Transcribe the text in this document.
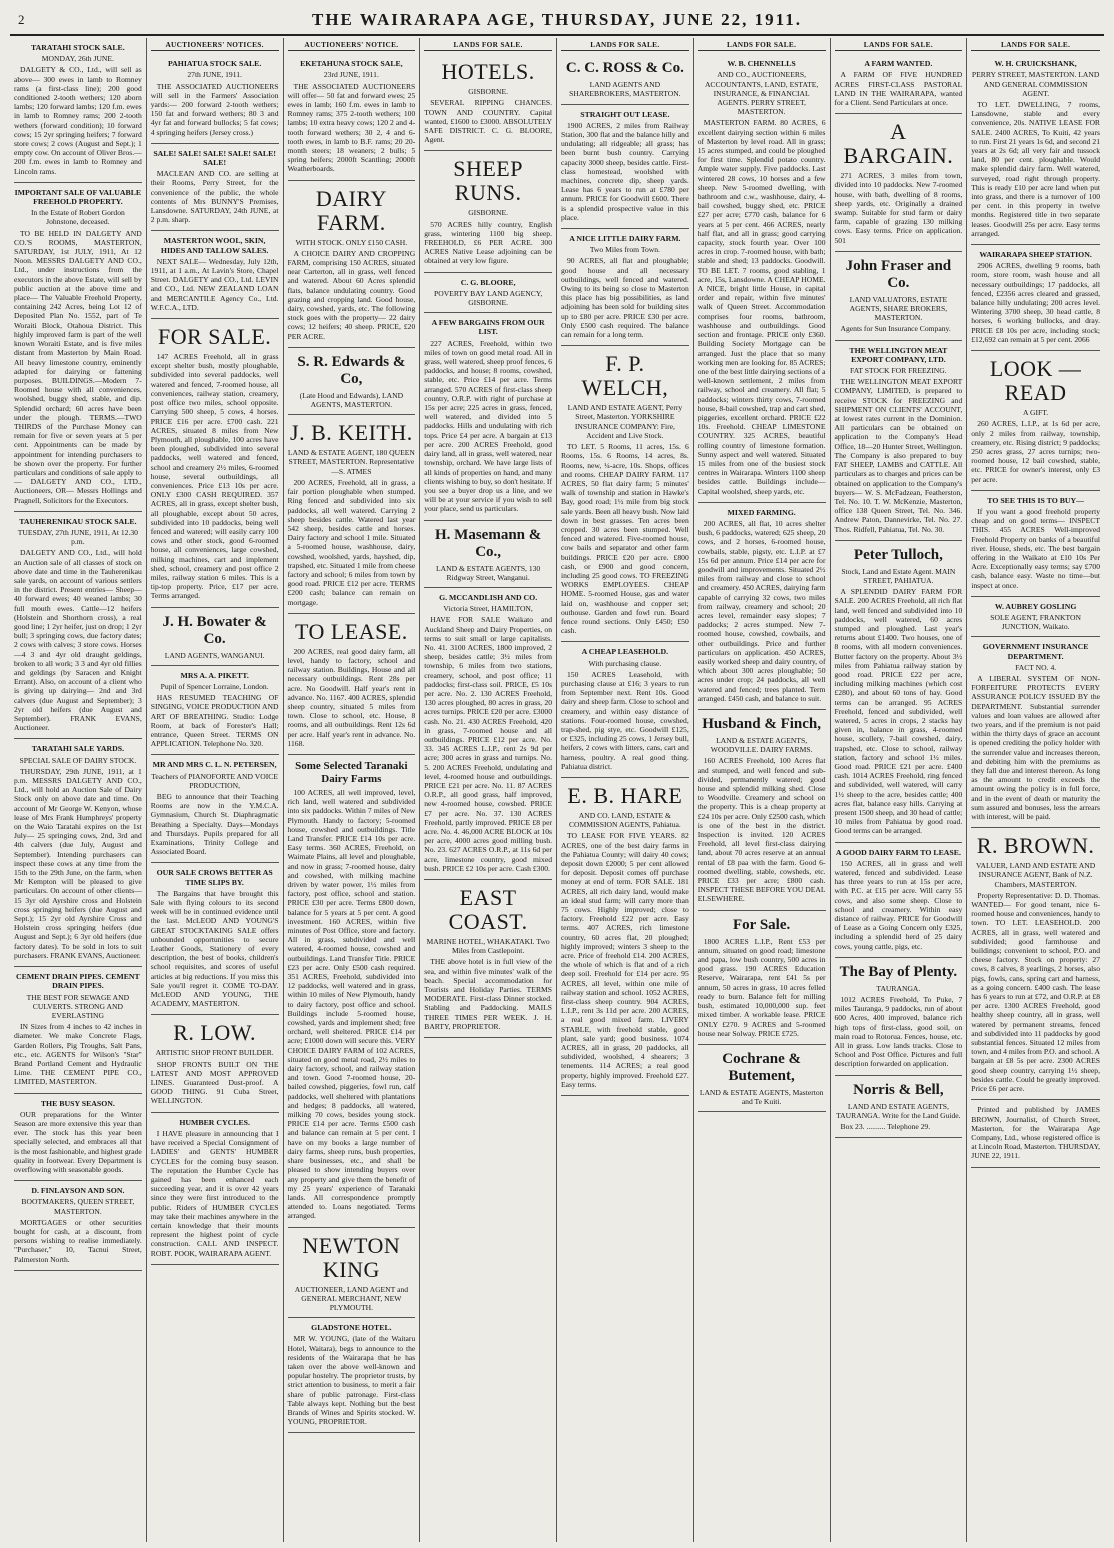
2	THE WAIRARAPA AGE, THURSDAY, JUNE 22, 1911.
TARATAHI STOCK SALE.
MONDAY, 26th JUNE.
DALGETY & CO., Ltd., will sell as above— 300 ewes in lamb to Romney rams (a first-class line); 200 good conditioned 2-tooth wethers; 120 aborn lambs; 120 forward lambs; 120 f.m. ewes in lamb to Romney rams; 200 2-tooth wethers (forward condition); 10 forward cows; 15 2yr springing heifers; 7 forward store cows; 2 cows (August and Sept.); 1 empty cow. On account of Oliver Bros.— 200 f.m. ewes in lamb to Romney and Lincoln rams.
IMPORTANT SALE OF VALUABLE FREEHOLD PROPERTY.
In the Estate of Robert Gordon Johnstone, deceased.
TO BE HELD IN DALGETY AND CO.'S ROOMS, MASTERTON, SATURDAY, 1st JULY, 1911, At 12 Noon. MESSRS DALGETY AND CO., Ltd., under instructions from the executors in the above Estate, will sell by public auction at the above time and place— The Valuable Freehold Property, containing 242 Acres, being Lot 12 of Deposited Plan No. 1552, part of Te Woraiti Block, Otahoua District. This highly improved farm is part of the well known Woraiti Estate, and is five miles distant from Masterton by Main Road. All heavy limestone country, eminently adapted for dairying or fattening purposes. BUILDINGS.—Modern 7-Roomed house with all conveniences, woolshed, buggy shed, stable, and dip. Splendid orchard; 60 acres have been under the plough. TERMS.—TWO THIRDS of the Purchase Money can remain for five or seven years at 5 per cent. Appointments can be made by appointment for intending purchasers to be shown over the property. For further particulars and conditions of sale apply to— DALGETY AND CO., LTD., Auctioneers, OR— Messrs Hollings and Pragnell, Solicitors for the Executors.
TAUHERENIKAU STOCK SALE.
TUESDAY, 27th JUNE, 1911, At 12.30 p.m.
DALGETY AND CO., Ltd., will hold an Auction sale of all classes of stock on above date and time in the Tauherenikau sale yards, on account of various settlers in the district. Present entries— Sheep—40 forward ewes; 40 weaned lambs; 30 full mouth ewes. Cattle—12 heifers (Holstein and Shorthorn cross), a real good line; 1 2yr heifer, just on drop; 1 2yr bull; 3 springing cows, due factory dates; 2 cows with calves; 3 store cows. Horses—4 3 and 4yr old draught geldings, broken to all work; 3 3 and 4yr old fillies and geldings (by Saracen and Knight Errant). Also, on account of a client who is giving up dairying— 2nd and 3rd calvers (due August and September); 3 2yr old heifers (due August and September). FRANK EVANS, Auctioneer.
TARATAHI SALE YARDS.
SPECIAL SALE OF DAIRY STOCK.
THURSDAY, 29th JUNE, 1911, at 1 p.m. MESSRS DALGETY AND CO., Ltd., will hold an Auction Sale of Dairy Stock only on above date and time. On account of Mr George W. Kenyon, whose lease of Mrs Frank Humphreys' property on the Waio Taratahi expires on the 1st July— 25 springing cows, 2nd, 3rd and 4th calvers (due July, August and September). Intending purchasers can inspect these cows at any time from the 15th to the 29th June, on the farm, when Mr Kempton will be pleased to give particulars. On account of other clients— 15 3yr old Ayrshire cross and Holstein cross springing heifers (due August and Sept.); 15 2yr old Ayrshire Cross and Holstein cross springing heifers (due August and Sept.); 6 3yr old heifers (due factory dates). To be sold in lots to suit purchasers. FRANK EVANS, Auctioneer.
CEMENT DRAIN PIPES. CEMENT DRAIN PIPES.
THE BEST FOR SEWAGE AND CULVERTS. STRONG AND EVERLASTING
IN Sizes from 4 inches to 42 inches in diameter. We make Concrete Flags, Garden Rollers, Pig Troughs, Salt Pans, etc., etc. AGENTS for Wilson's "Star" Brand Portland Cement and Hydraulic Lime. THE CEMENT PIPE CO., LIMITED, MASTERTON.
THE BUSY SEASON.
OUR preparations for the Winter Season are more extensive this year than ever. The stock has this year been specially selected, and embraces all that is the most fashionable, and highest grade quality in footwear. Every Department is overflowing with seasonable goods.
D. FINLAYSON AND SON.
BOOTMAKERS, QUEEN STREET, MASTERTON.
MORTGAGES or other securities bought for cash, at a discount, from persons wishing to realise immediately. "Purchaser," 10, Tacnui Street, Palmerston North.
AUCTIONEERS' NOTICES.
PAHIATUA STOCK SALE.
27th JUNE, 1911.
THE ASSOCIATED AUCTIONEERS will sell in the Farmers' Association yards:— 200 forward 2-tooth wethers; 150 fat and forward wethers; 80 3 and 4yr fat and forward bullocks; 5 fat cows; 4 springing heifers (Jersey cross.)
SALE! SALE! SALE! SALE! SALE! SALE!
MACLEAN AND CO. are selling at their Rooms, Perry Street, for the convenience of the public, the whole contents of Mrs BUNNY'S Premises, Lansdowne. SATURDAY, 24th JUNE, at 2 p.m. sharp.
MASTERTON WOOL, SKIN, HIDES AND TALLOW SALES.
NEXT SALE— Wednesday, July 12th, 1911, at 1 a.m., At Lavin's Store, Chapel Street. DALGETY and CO., Ltd. LEVIN and CO., Ltd. NEW ZEALAND LOAN and MERCANTILE Agency Co., Ltd. W.F.C.A., LTD.
FOR SALE.
147 ACRES Freehold, all in grass except shelter bush, mostly ploughable, subdivided into several paddocks, well watered and fenced, 7-roomed house, all conveniences, railway station, creamery, post office two miles, school opposite. Carrying 500 sheep, 5 cows, 4 horses. PRICE £16 per acre. £700 cash. 221 ACRES, situated 8 miles from New Plymouth, all ploughable, 100 acres have been ploughed, subdivided into several paddocks, well watered and fenced, school and creamery 2½ miles, 6-roomed house, several outbuildings, all conveniences. Price £13 10s per acre. ONLY £300 CASH REQUIRED. 357 ACRES, all in grass, except shelter bush, all ploughable, except about 50 acres, subdivided into 10 paddocks, being well fenced and watered; will easily carry 100 cows and other stock, good 6-roomed house, all conveniences, large cowshed, milking machines, cart and implement shed, school, creamery and post office 2 miles, railway station 6 miles. This is a tip-top property. Price, £17 per acre. Terms arranged.
J. H. Bowater & Co.
LAND AGENTS, WANGANUI.
MRS A. A. PIKETT.
Pupil of Spencer Lorraine, London.
HAS RESUMED TEACHING OF SINGING, VOICE PRODUCTION AND ART OF BREATHING. Studio: Lodge Room, at back of Forester's Hall; entrance, Queen Street. TERMS ON APPLICATION. Telephone No. 320.
MR AND MRS C. L. N. PETERSEN,
Teachers of PIANOFORTE AND VOICE PRODUCTION,
BEG to announce that their Teaching Rooms are now in the Y.M.C.A. Gymnasium, Church St. Diaphragmatic Breathing a Specialty. Days—Mondays and Thursdays. Pupils prepared for all Examinations, Trinity College and Associated Board.
OUR SALE CROWS BETTER AS TIME SLIPS BY.
The Bargains that have brought this Sale with flying colours to its second week will be in continued evidence until the last. McLEOD AND YOUNG'S GREAT STOCKTAKING SALE offers unbounded opportunities to secure Leather Goods, Stationery of every description, the best of books, children's school requisites, and scores of useful articles at big reductions. If you miss this Sale you'll regret it. COME TO-DAY. McLEOD AND YOUNG, THE ACADEMY, MASTERTON.
R. LOW.
ARTISTIC SHOP FRONT BUILDER.
SHOP FRONTS BUILT ON THE LATEST AND MOST APPROVED LINES. Guaranteed Dust-proof. A GOOD THING. 91 Cuba Street, WELLINGTON.
HUMBER CYCLES.
I HAVE pleasure in announcing that I have received a Special Consignment of LADIES' and GENTS' HUMBER CYCLES for the coming busy season. The reputation the Humber Cycle has gained has been enhanced each succeeding year, and it is over 42 years since they were first introduced to the public. Riders of HUMBER CYCLES may take their machines anywhere in the certain knowledge that their mounts represent the highest point of cycle construction. CALL AND INSPECT. ROBT. POOK, WAIRARAPA AGENT.
AUCTIONEERS' NOTICE.
EKETAHUNA STOCK SALE,
23rd JUNE, 1911.
THE ASSOCIATED AUCTIONEERS will offer— 50 fat and forward ewes; 25 ewes in lamb; 160 f.m. ewes in lamb to Romney rams; 375 2-tooth wethers; 100 lambs; 10 extra heavy cows; 120 2 and 4-tooth forward wethers; 30 2, 4 and 6-tooth ewes, in lamb to B.F. rams; 20 20-month steers; 18 weaners; 2 bulls; 5 spring heifers; 2000ft Scantling; 2000ft Weatherboards.
DAIRY FARM.
WITH STOCK. ONLY £150 CASH.
A CHOICE DAIRY AND CROPPING FARM, comprising 150 ACRES, situated near Carterton, all in grass, well fenced and watered. About 60 Acres splendid flats, balance undulating country. Good grazing and cropping land. Good house, dairy, cowshed, yards, etc. The following stock goes with the property— 22 dairy cows; 12 heifers; 40 sheep. PRICE, £20 PER ACRE.
S. R. Edwards & Co,
(Late Hood and Edwards), LAND AGENTS, MASTERTON.
J. B. KEITH.
LAND & ESTATE AGENT, 180 QUEEN STREET, MASTERTON. Representative—S. ATMES
200 ACRES, Freehold, all in grass, a fair portion ploughable when stumped. Ring fenced and subdivided into six paddocks, all well watered. Carrying 2 sheep besides cattle. Watered last year 542 sheep, besides cattle and horses. Dairy factory and school 1 mile. Situated a 5-roomed house, washhouse, dairy, cowshed, woolshed, yards, hayshed, dip, trapshed, etc. Situated 1 mile from cheese factory and school; 6 miles from town by good road. PRICE £12 per acre. TERMS £200 cash; balance can remain on mortgage.
TO LEASE.
200 ACRES, real good dairy farm, all level, handy to factory, school and railway station. Buildings, House and all necessary outbuildings. Rent 28s per acre. No Goodwill. Half year's rent in advance. No. 1167. 400 ACRES, splendid sheep country, situated 5 miles from town. Close to school, etc. House, 8 rooms, and all outbuildings. Rent 12s 6d per acre. Half year's rent in advance. No. 1168.
Some Selected Taranaki Dairy Farms
100 ACRES, all well improved, level, rich land, well watered and subdivided into six paddocks. Within 7 miles of New Plymouth. Handy to factory; 5-roomed house, cowshed and outbuildings. Title Land Transfer. PRICE £14 10s per acre. Easy terms. 360 ACRES, Freehold, on Waimate Plains, all level and ploughable, and now in grass; 7-roomed house, dairy and cowshed, with milking machine driven by water power, 1½ miles from factory, post office, school and station. PRICE £30 per acre. Terms £800 down, balance for 5 years at 5 per cent. A good investment. 160 ACRES, within five minutes of Post Office, store and factory. All in grass, subdivided and well watered, 4-roomed house, cowshed and outbuildings. Land Transfer Title. PRICE £23 per acre. Only £500 cash required. 351 ACRES, Freehold, subdivided into 12 paddocks, well watered and in grass, within 10 miles of New Plymouth, handy to dairy factory, post office and school. Buildings include 5-roomed house, cowshed, yards and implement shed; free orchard, well sheltered. PRICE £14 per acre; £1000 down will secure this. VERY CHOICE DAIRY FARM of 102 ACRES, situated on good metal road, 2½ miles to dairy factory, school, and railway station and town. Good 7-roomed house, 20-bailed cowshed, piggeries, fowl run, calf paddocks, well sheltered with plantations and hedges; 8 paddocks, all watered, milking 70 cows, besides young stock. PRICE £14 per acre. Terms £500 cash and balance can remain at 5 per cent. I have on my books a large number of dairy farms, sheep runs, bush properties, share businesses, etc., and shall be pleased to show intending buyers over any property and give them the benefit of my 25 years' experience of Taranaki lands. All correspondence promptly attended to. Loans negotiated. Terms arranged.
NEWTON KING
AUCTIONEER, LAND AGENT and GENERAL MERCHANT, NEW PLYMOUTH.
GLADSTONE HOTEL.
MR W. YOUNG, (late of the Waitaru Hotel, Waitara), begs to announce to the residents of the Wairarapa that he has taken over the above well-known and popular hostelry. The proprietor trusts, by strict attention to business, to merit a fair share of public patronage. First-class Table always kept. Nothing but the best Brands of Wines and Spirits stocked. W. YOUNG, PROPRIETOR.
LANDS FOR SALE.
HOTELS.
GISBORNE.
SEVERAL RIPPING CHANCES. TOWN AND COUNTRY. Capital wanted, £1600 to £3000. ABSOLUTELY SAFE DISTRICT. C. G. BLOORE, Agent.
SHEEP RUNS.
GISBORNE.
570 ACRES hilly country, English grass, wintering 1100 big sheep. FREEHOLD, £6 PER ACRE. 300 ACRES Native Lease adjoining can be obtained at very low figure.
C. G. BLOORE,
POVERTY BAY LAND AGENCY, GISBORNE.
A FEW BARGAINS FROM OUR LIST.
227 ACRES, Freehold, within two miles of town on good metal road. All in grass, well watered, sheep proof fences, 6 paddocks, and house; 8 rooms, cowshed, stable, etc. Price £14 per acre. Terms arranged. 570 ACRES of first-class sheep country, O.R.P. with right of purchase at 15s per acre; 225 acres in grass, fenced, well watered, and divided into 5 paddocks. Hills and undulating with rich tops. Price £4 per acre. A bargain at £13 per acre. 200 ACRES Freehold, good dairy land, all in grass, well watered, near township, orchard. We have large lists of all kinds of properties on hand, and many clients wishing to buy, so don't hesitate. If you see a buyer drop us a line, and we will be at your service if you wish to sell your place, send us particulars.
H. Masemann & Co.,
LAND & ESTATE AGENTS, 130 Ridgway Street, Wanganui.
G. MCCANDLISH AND CO.
Victoria Street, HAMILTON,
HAVE FOR SALE Waikato and Auckland Sheep and Dairy Properties, on terms to suit small or large capitalists. No. 41. 3100 ACRES, 1800 improved, 2 sheep, besides cattle; 3½ miles from township, 6 miles from two stations, creamery, school, and post office; 11 paddocks; first-class soil. PRICE, £5 10s per acre. No. 2. 130 ACRES Freehold, 130 acres ploughed, 80 acres in grass, 20 acres turnips. PRICE £20 per acre. £3000 cash. No. 21. 430 ACRES Freehold, 420 in grass, 7-roomed house and all outbuildings. PRICE £12 per acre. No. 33. 345 ACRES L.I.P., rent 2s 9d per acre; 300 acres in grass and turnips. No. 5. 200 ACRES Freehold, undulating and level, 4-roomed house and outbuildings. PRICE £21 per acre. No. 11. 87 ACRES O.R.P., all good grass, half improved, new 4-roomed house, cowshed. PRICE £7 per acre. No. 37. 130 ACRES Freehold, partly improved. PRICE £8 per acre. No. 4. 46,000 ACRE BLOCK at 10s per acre, 4000 acres good milling bush. No. 23. 627 ACRES O.R.P., at 11s 6d per acre, limestone country, good mixed bush. PRICE £2 10s per acre. Cash £300.
EAST COAST.
MARINE HOTEL, WHAKATAKI. Two Miles from Castlepoint.
THE above hotel is in full view of the sea, and within five minutes' walk of the beach. Special accommodation for Tourists and Holiday Parties. TERMS MODERATE. First-class Dinner stocked. Stabling and Paddocking. MAILS THREE TIMES PER WEEK. J. H. BARTY, PROPRIETOR.
LANDS FOR SALE.
C. C. ROSS & Co.
LAND AGENTS AND SHAREBROKERS, MASTERTON.
STRAIGHT OUT LEASE.
1900 ACRES, 2 miles from Railway Station, 300 flat and the balance hilly and undulating; all ridgeable; all grass; has been burnt bush country. Carrying capacity 3000 sheep, besides cattle. First-class homestead, woolshed with machines, concrete dip, sheep yards. Lease has 6 years to run at £780 per annum. PRICE for Goodwill £600. There is a splendid prospective value in this place.
A NICE LITTLE DAIRY FARM.
Two Miles from Town.
90 ACRES, all flat and ploughable; good house and all necessary outbuildings, well fenced and watered. Owing to its being so close to Masterton this place has big possibilities, as land adjoining has been sold for building sites up to £80 per acre. PRICE £30 per acre. Only £500 cash required. The balance can remain for a long term.
F. P. WELCH,
LAND AND ESTATE AGENT, Perry Street, Masterton. YORKSHIRE INSURANCE COMPANY: Fire, Accident and Live Stock.
TO LET. 5 Rooms, 11 acres, 15s. 6 Rooms, 15s. 6 Rooms, 14 acres, 8s. Rooms, new, ¼-acre, 10s. Shops, offices and rooms. CHEAP DAIRY FARM. 117 ACRES, 50 flat dairy farm; 5 minutes' walk of township and station in Hawke's Bay, good road; 1½ mile from big stock sale yards. Been all heavy bush. Now laid down in best grasses. Ten acres been cropped. 30 acres been stumped. Well fenced and watered. Five-roomed house, cow bails and separator and other farm buildings. PRICE £20 per acre. £800 cash, or £900 and good concern, including 25 good cows. TO FREEZING WORKS EMPLOYEES. CHEAP HOME. 5-roomed House, gas and water laid on, washhouse and copper set; outhouse. Garden and fowl run. Board fence round sections. Only £450; £50 cash.
A CHEAP LEASEHOLD.
With purchasing clause.
150 ACRES Leasehold, with purchasing clause at £16; 3 years to run from September next. Rent 10s. Good dairy and sheep farm. Close to school and creamery, and within easy distance of stations. Four-roomed house, cowshed, trap-shed, pig stye, etc. Goodwill £125, or £325, including 25 cows, 1 Jersey bull, heifers, 2 cows with litters, cans, cart and harness, poultry. A real good thing. Pahiatua district.
E. B. HARE
AND CO. LAND, ESTATE & COMMISSION AGENTS, Pahiatua.
TO LEASE FOR FIVE YEARS. 82 ACRES, one of the best dairy farms in the Pahiatua County; will dairy 40 cows; deposit down £2000; 5 per cent allowed for deposit. Deposit comes off purchase money at end of term. FOR SALE. 181 ACRES, all rich dairy land, would make an ideal stud farm; will carry more than 75 cows. Highly improved; close to factory. Freehold £22 per acre. Easy terms. 407 ACRES, rich limestone country, 60 acres flat, 20 ploughed; highly improved; winters 3 sheep to the acre. Price of freehold £14. 200 ACRES, the whole of which is flat and of a rich deep soil. Freehold for £14 per acre. 95 ACRES, all level, within one mile of railway station and school. 1052 ACRES, first-class sheep country. 904 ACRES, L.I.P., rent 3s 11d per acre. 200 ACRES, a real good mixed farm. LIVERY STABLE, with freehold stable, good plant, sale yard; good business. 1074 ACRES, all in grass, 20 paddocks, all subdivided, woolshed, 4 shearers; 3 tenements. 114 ACRES; a real good property, highly improved. Freehold £27. Easy terms.
LANDS FOR SALE.
W. B. CHENNELLS
AND CO., AUCTIONEERS, ACCOUNTANTS, LAND, ESTATE, INSURANCE, & FINANCIAL AGENTS. PERRY STREET, MASTERTON.
MASTERTON FARM. 80 ACRES, 6 excellent dairying section within 6 miles of Masterton by level road. All in grass; 15 acres stumped, and could be ploughed for first time. Splendid potato country. Ample water supply. Five paddocks. Last wintered 28 cows, 10 horses and a few sheep. New 5-roomed dwelling, with bathroom and c.w., washhouse, dairy, 4-bail cowshed, buggy shed, etc. PRICE £27 per acre; £770 cash, balance for 6 years at 5 per cent. 466 ACRES, nearly half flat, and all in grass; good carrying capacity, stock fourth year. Over 100 acres in crop. 7-roomed house, with bath; stable and shed; 13 paddocks. Goodwill. TO BE LET. 7 rooms, good stabling, 1 acre, 15s, Lansdowne. A CHEAP HOME. A NICE, bright little House, in capital order and repair, within five minutes' walk of Queen Street. Accommodation comprises four rooms, bathroom, washhouse and outbuildings. Good section and frontage. PRICE only £360. Building Society Mortgage can be arranged. Just the place that so many working men are looking for. 85 ACRES; one of the best little dairying sections of a well-known settlement, 2 miles from railway, school and creamery. All flat; 5 paddocks; winters thirty cows, 7-roomed house, 8-bail cowshed, trap and cart shed, piggeries, excellent orchard. PRICE £22 10s. Freehold. CHEAP LIMESTONE COUNTRY. 325 ACRES, beautiful rolling country of limestone formation. Sunny aspect and well watered. Situated 15 miles from one of the busiest stock centres in Wairarapa. Winters 1100 sheep besides cattle. Buildings include—Capital woolshed, sheep yards, etc.
MIXED FARMING.
200 ACRES, all flat, 10 acres shelter bush, 6 paddocks, watered; 625 sheep, 20 cows, and 2 horses, 6-roomed house, cowbails, stable, pigsty, etc. L.I.P. at £7 15s 6d per annum. Price £14 per acre for goodwill and improvements. Situated 2½ miles from railway and close to school and creamery. 450 ACRES, dairying farm capable of carrying 32 cows, two miles from railway, creamery and school; 20 acres level, remainder easy slopes; 7 paddocks; 2 acres stumped. New 7-roomed house, cowshed, cowbails, and other outbuildings. Price and further particulars on application. 450 ACRES, easily worked sheep and dairy country, of which about 300 acres ploughable; 50 acres under crop; 24 paddocks, all well watered and fenced; trees planted. Term arranged. £450 cash, and balance to suit.
Husband & Finch,
LAND & ESTATE AGENTS, WOODVILLE. DAIRY FARMS.
160 ACRES Freehold, 100 Acres flat and stumped, and well fenced and sub-divided, permanently watered; good house and splendid milking shed. Close to Woodville. Creamery and school on the property. This is a cheap property at £24 10s per acre. Only £2500 cash, which is one of the best in the district. Inspection is invited. 120 ACRES Freehold, all level first-class dairying land, about 70 acres reserve at an annual rental of £8 paa with the farm. Good 6-roomed dwelling, stable, cowsheds, etc. PRICE £33 per acre; £800 cash. INSPECT THESE BEFORE YOU DEAL ELSEWHERE.
For Sale.
1800 ACRES L.I.P., Rent £53 per annum, situated on good road; limestone and papa, low bush country, 500 acres in good grass. 190 ACRES Education Reserve, Wairarapa, rent £41 5s per annum, 50 acres in grass, 10 acres felled ready to burn. Balance felt for milling bush, estimated 10,000,000 sup. feet mixed timber. A workable lease. PRICE ONLY £270. 9 ACRES and 5-roomed house near Solway. PRICE £725.
Cochrane & Butement,
LAND & ESTATE AGENTS, Masterton and Te Kuiti.
LANDS FOR SALE.
A FARM WANTED.
A FARM OF FIVE HUNDRED ACRES FIRST-CLASS PASTORAL LAND IN THE WAIRARAPA, wanted for a Client. Send Particulars at once.
A BARGAIN.
271 ACRES, 3 miles from town, divided into 10 paddocks. New 7-roomed house, with bath, dwelling of 8 rooms, sheep yards, etc. Originally a drained swamp. Suitable for stud farm or dairy farm, capable of grazing 130 milking cows. Easy terms. Price on application. 501
John Fraser and Co.
LAND VALUATORS, ESTATE AGENTS, SHARE BROKERS, MASTERTON.
Agents for Sun Insurance Company.
THE WELLINGTON MEAT EXPORT COMPANY, LTD.
FAT STOCK FOR FREEZING.
THE WELLINGTON MEAT EXPORT COMPANY, LIMITED, is prepared to receive STOCK for FREEZING and SHIPMENT ON CLIENTS' ACCOUNT, at lowest rates current in the Dominion. All particulars can be obtained on application to the Company's Head Office, 18—20 Hunter Street, Wellington. The Company is also prepared to buy FAT SHEEP, LAMBS and CATTLE. All particulars as to charges and prices can be obtained on application to the Company's buyers— W. S. McFadzean, Featherston, Tel. No. 10. T. W. McKenzie, Masterton, office 138 Queen Street, Tel. No. 346. Andrew Paton, Dannevirke, Tel. No. 27. Thos. Ridfell, Pahiatua, Tel. No. 30.
Peter Tulloch,
Stock, Land and Estate Agent. MAIN STREET, PAHIATUA.
A SPLENDID DAIRY FARM FOR SALE. 200 ACRES Freehold, all rich flat land, well fenced and subdivided into 10 paddocks, well watered, 60 acres stumped and ploughed. Last year's returns about £1400. Two houses, one of 8 rooms, with all modern conveniences. Butter factory on the property. About 3½ miles from Pahiatua railway station by good road. PRICE £22 per acre, including milking machines (which cost £280), and about 60 tons of hay. Good terms can be arranged. 95 ACRES Freehold, fenced and subdivided, well watered, 5 acres in crops, 2 stacks hay given in, balance in grass, 4-roomed house, scullery, 7-bail cowshed, dairy, trapshed, etc. Close to school, railway station, factory and school 1½ miles. Good road. PRICE £21 per acre. £400 cash. 1014 ACRES Freehold, ring fenced and subdivided, well watered, will carry 1½ sheep to the acre, besides cattle; 400 acres flat, balance easy hills. Carrying at present 1500 sheep, and 30 head of cattle; 10 miles from Pahiatua by good road. Good terms can be arranged.
A GOOD DAIRY FARM TO LEASE.
150 ACRES, all in grass and well watered, fenced and subdivided. Lease has three years to run at 15s per acre, with P.C. at £15 per acre. Will carry 55 cows, and also some sheep. Close to school and creamery. Within easy distance of railway. PRICE for Goodwill of Lease as a Going Concern only £325, including a splendid herd of 25 dairy cows, young cattle, pigs, etc.
The Bay of Plenty.
TAURANGA.
1012 ACRES Freehold, To Puke, 7 miles Tauranga, 9 paddocks, run of about 600 Acres, 400 improved, balance rich high tops of first-class, good soil, on main road to Rotorua. Fences, house, etc. All in grass. Low lands tracks. Close to School and Post Office. Pictures and full description forwarded on application.
Norris & Bell,
LAND AND ESTATE AGENTS, TAURANGA. Write for the Land Guide.
Box 23. .......... Telephone 29.
LANDS FOR SALE.
W. H. CRUICKSHANK,
PERRY STREET, MASTERTON. LAND AND GENERAL COMMISSION AGENT.
TO LET. DWELLING, 7 rooms, Lansdowne, stable and every convenience, 20s. NATIVE LEASE FOR SALE. 2400 ACRES, To Kuiti, 42 years to run. First 21 years 1s 6d, and second 21 years at 2s 6d; all very fair and tussock land, 80 per cent. ploughable. Would make splendid dairy farm. Well watered, surveyed, road right through property. This is ready £10 per acre land when put into grass, and there is a turnover of 100 per cent. in this property in twelve months. Registered title in two separate leases. Goodwill 25s per acre. Easy terms arranged.
WAIRARAPA SHEEP STATION.
2906 ACRES, dwelling 9 rooms, bath room, store room, wash house and all necessary outbuildings; 17 paddocks, all fenced, £2356 acres cleared and grassed, balance hilly undulating; 200 acres level. Wintering 3700 sheep, 30 head cattle, 8 horses, 6 working bullocks, and dray. PRICE £8 10s per acre, including stock; £12,692 can remain at 5 per cent. 2066
LOOK — READ
A GIFT.
260 ACRES, L.I.P., at 1s 6d per acre, only 2 miles from railway, township, creamery, etc. Rising district; 9 paddocks; 250 acres grass, 27 acres turnips; two-roomed house, 12 bail cowshed, stable, etc. PRICE for owner's interest, only £3 per acre.
TO SEE THIS IS TO BUY—
If you want a good freehold property cheap and on good terms— INSPECT THIS. 455 ACRES Well-improved Freehold Property on banks of a beautiful river. House, sheds, etc. The best bargain offering in the Waikato at £10 10s Per Acre. Exceptionally easy terms; say £700 cash, balance easy. Waste no time—but inspect at once.
W. AUBREY GOSLING
SOLE AGENT, FRANKTON JUNCTION, Waikato.
GOVERNMENT INSURANCE DEPARTMENT.
FACT NO. 4.
A LIBERAL SYSTEM OF NON-FORFEITURE PROTECTS EVERY ASSURANCE POLICY ISSUED BY the DEPARTMENT. Substantial surrender values and loan values are allowed after two years, and if the premium is not paid within the thirty days of grace an account is opened crediting the policy holder with the surrender value and increases thereon, and debiting him with the premiums as they fall due and interest thereon. As long as the amount to credit exceeds the amount owing the policy is in full force, and in the event of death or maturity the sum assured and bonuses, less the arrears with interest, will be paid.
R. BROWN.
VALUER, LAND AND ESTATE AND INSURANCE AGENT, Bank of N.Z. Chambers, MASTERTON.
Property Representative: D. D. Thomas. WANTED— For good tenant, nice 6-roomed house and conveniences, handy to town. TO LET. LEASEHOLD. 200 ACRES, all in grass, well watered and subdivided; good farmhouse and buildings; convenient to school, P.O. and cheese factory. Stock on property: 27 cows, 8 calves, 8 yearlings, 2 horses, also pigs, fowls, cans, spring cart and harness, as a going concern. £400 cash. The lease has 6 years to run at £72, and O.R.P. at £8 per acre. 1300 ACRES Freehold, good healthy sheep country, all in grass, well watered by permanent streams, fenced and subdivided into 11 paddocks by good substantial fences. Situated 12 miles from town, and 4 miles from P.O. and school. A bargain at £8 5s per acre. 2300 ACRES good sheep country, carrying 1½ sheep, besides cattle. Could be greatly improved. Price £6 per acre.
Printed and published by JAMES BROWN, Journalist, of Church Street, Masterton, for the Wairarapa Age Company, Ltd., whose registered office is at Lincoln Road, Masterton. THURSDAY, JUNE 22, 1911.
